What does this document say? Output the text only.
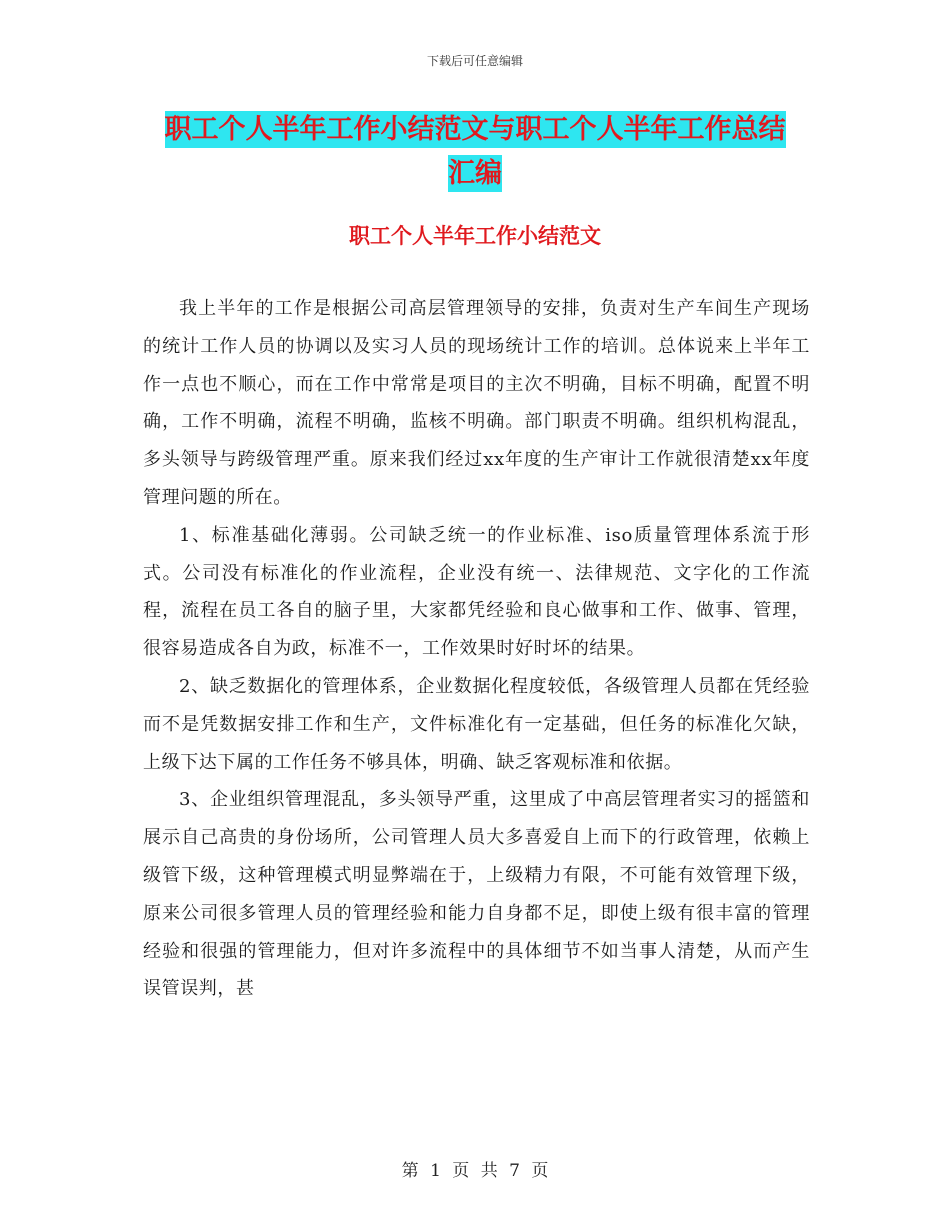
下载后可任意编辑
职工个人半年工作小结范文与职工个人半年工作总结
汇编
职工个人半年工作小结范文

我上半年的工作是根据公司高层管理领导的安排，负责对生产车间生产现场的统计工作人员的协调以及实习人员的现场统计工作的培训。总体说来上半年工作一点也不顺心，而在工作中常常是项目的主次不明确，目标不明确，配置不明确，工作不明确，流程不明确，监核不明确。部门职责不明确。组织机构混乱，多头领导与跨级管理严重。原来我们经过xx年度的生产审计工作就很清楚xx年度管理问题的所在。

1、标准基础化薄弱。公司缺乏统一的作业标准、iso质量管理体系流于形式。公司没有标准化的作业流程，企业没有统一、法律规范、文字化的工作流程，流程在员工各自的脑子里，大家都凭经验和良心做事和工作、做事、管理，很容易造成各自为政，标准不一，工作效果时好时坏的结果。

2、缺乏数据化的管理体系，企业数据化程度较低，各级管理人员都在凭经验而不是凭数据安排工作和生产，文件标准化有一定基础，但任务的标准化欠缺，上级下达下属的工作任务不够具体，明确、缺乏客观标准和依据。

3、企业组织管理混乱，多头领导严重，这里成了中高层管理者实习的摇篮和展示自己高贵的身份场所，公司管理人员大多喜爱自上而下的行政管理，依赖上级管下级，这种管理模式明显弊端在于，上级精力有限，不可能有效管理下级，原来公司很多管理人员的管理经验和能力自身都不足，即使上级有很丰富的管理经验和很强的管理能力，但对许多流程中的具体细节不如当事人清楚，从而产生误管误判，甚

第 1 页 共 7 页
